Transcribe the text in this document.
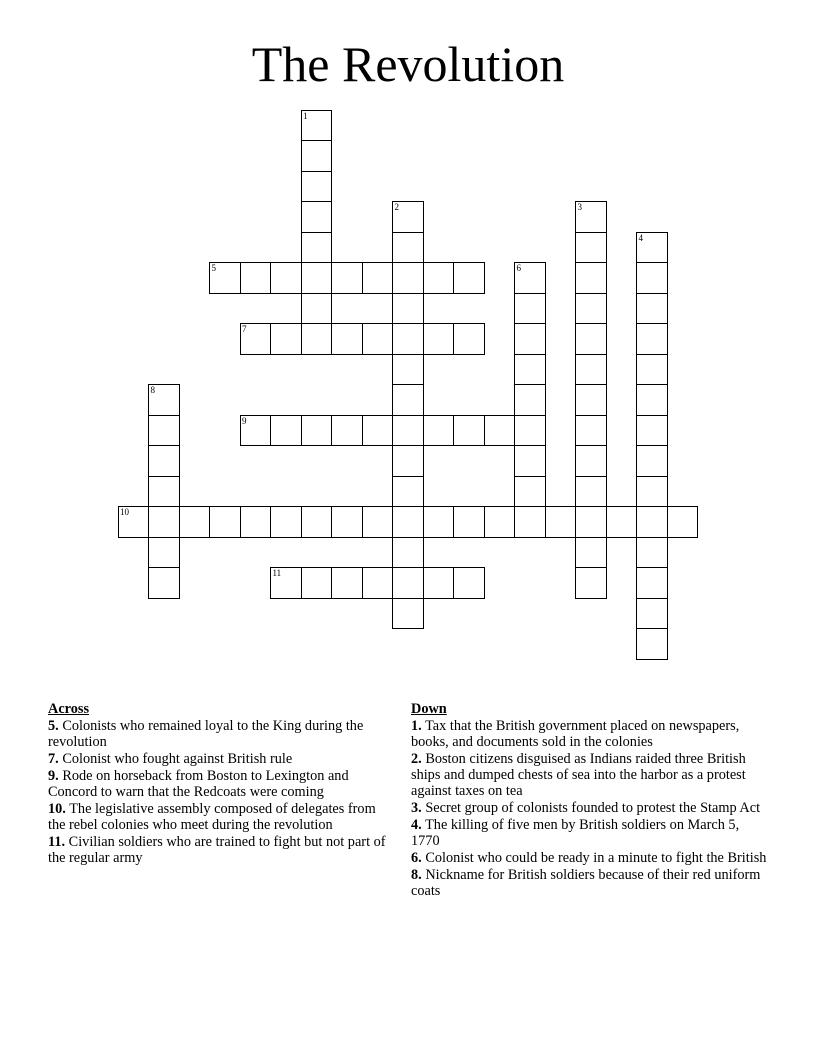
The Revolution
1
2	3
4
5	6
7
8
9
10
11
Across
5. Colonists who remained loyal to the King during the revolution
7. Colonist who fought against British rule
9. Rode on horseback from Boston to Lexington and Concord to warn that the Redcoats were coming
10. The legislative assembly composed of delegates from the rebel colonies who meet during the revolution
11. Civilian soldiers who are trained to fight but not part of the regular army
Down
1. Tax that the British government placed on newspapers, books, and documents sold in the colonies
2. Boston citizens disguised as Indians raided three British ships and dumped chests of sea into the harbor as a protest against taxes on tea
3. Secret group of colonists founded to protest the Stamp Act
4. The killing of five men by British soldiers on March 5, 1770
6. Colonist who could be ready in a minute to fight the British
8. Nickname for British soldiers because of their red uniform coats
